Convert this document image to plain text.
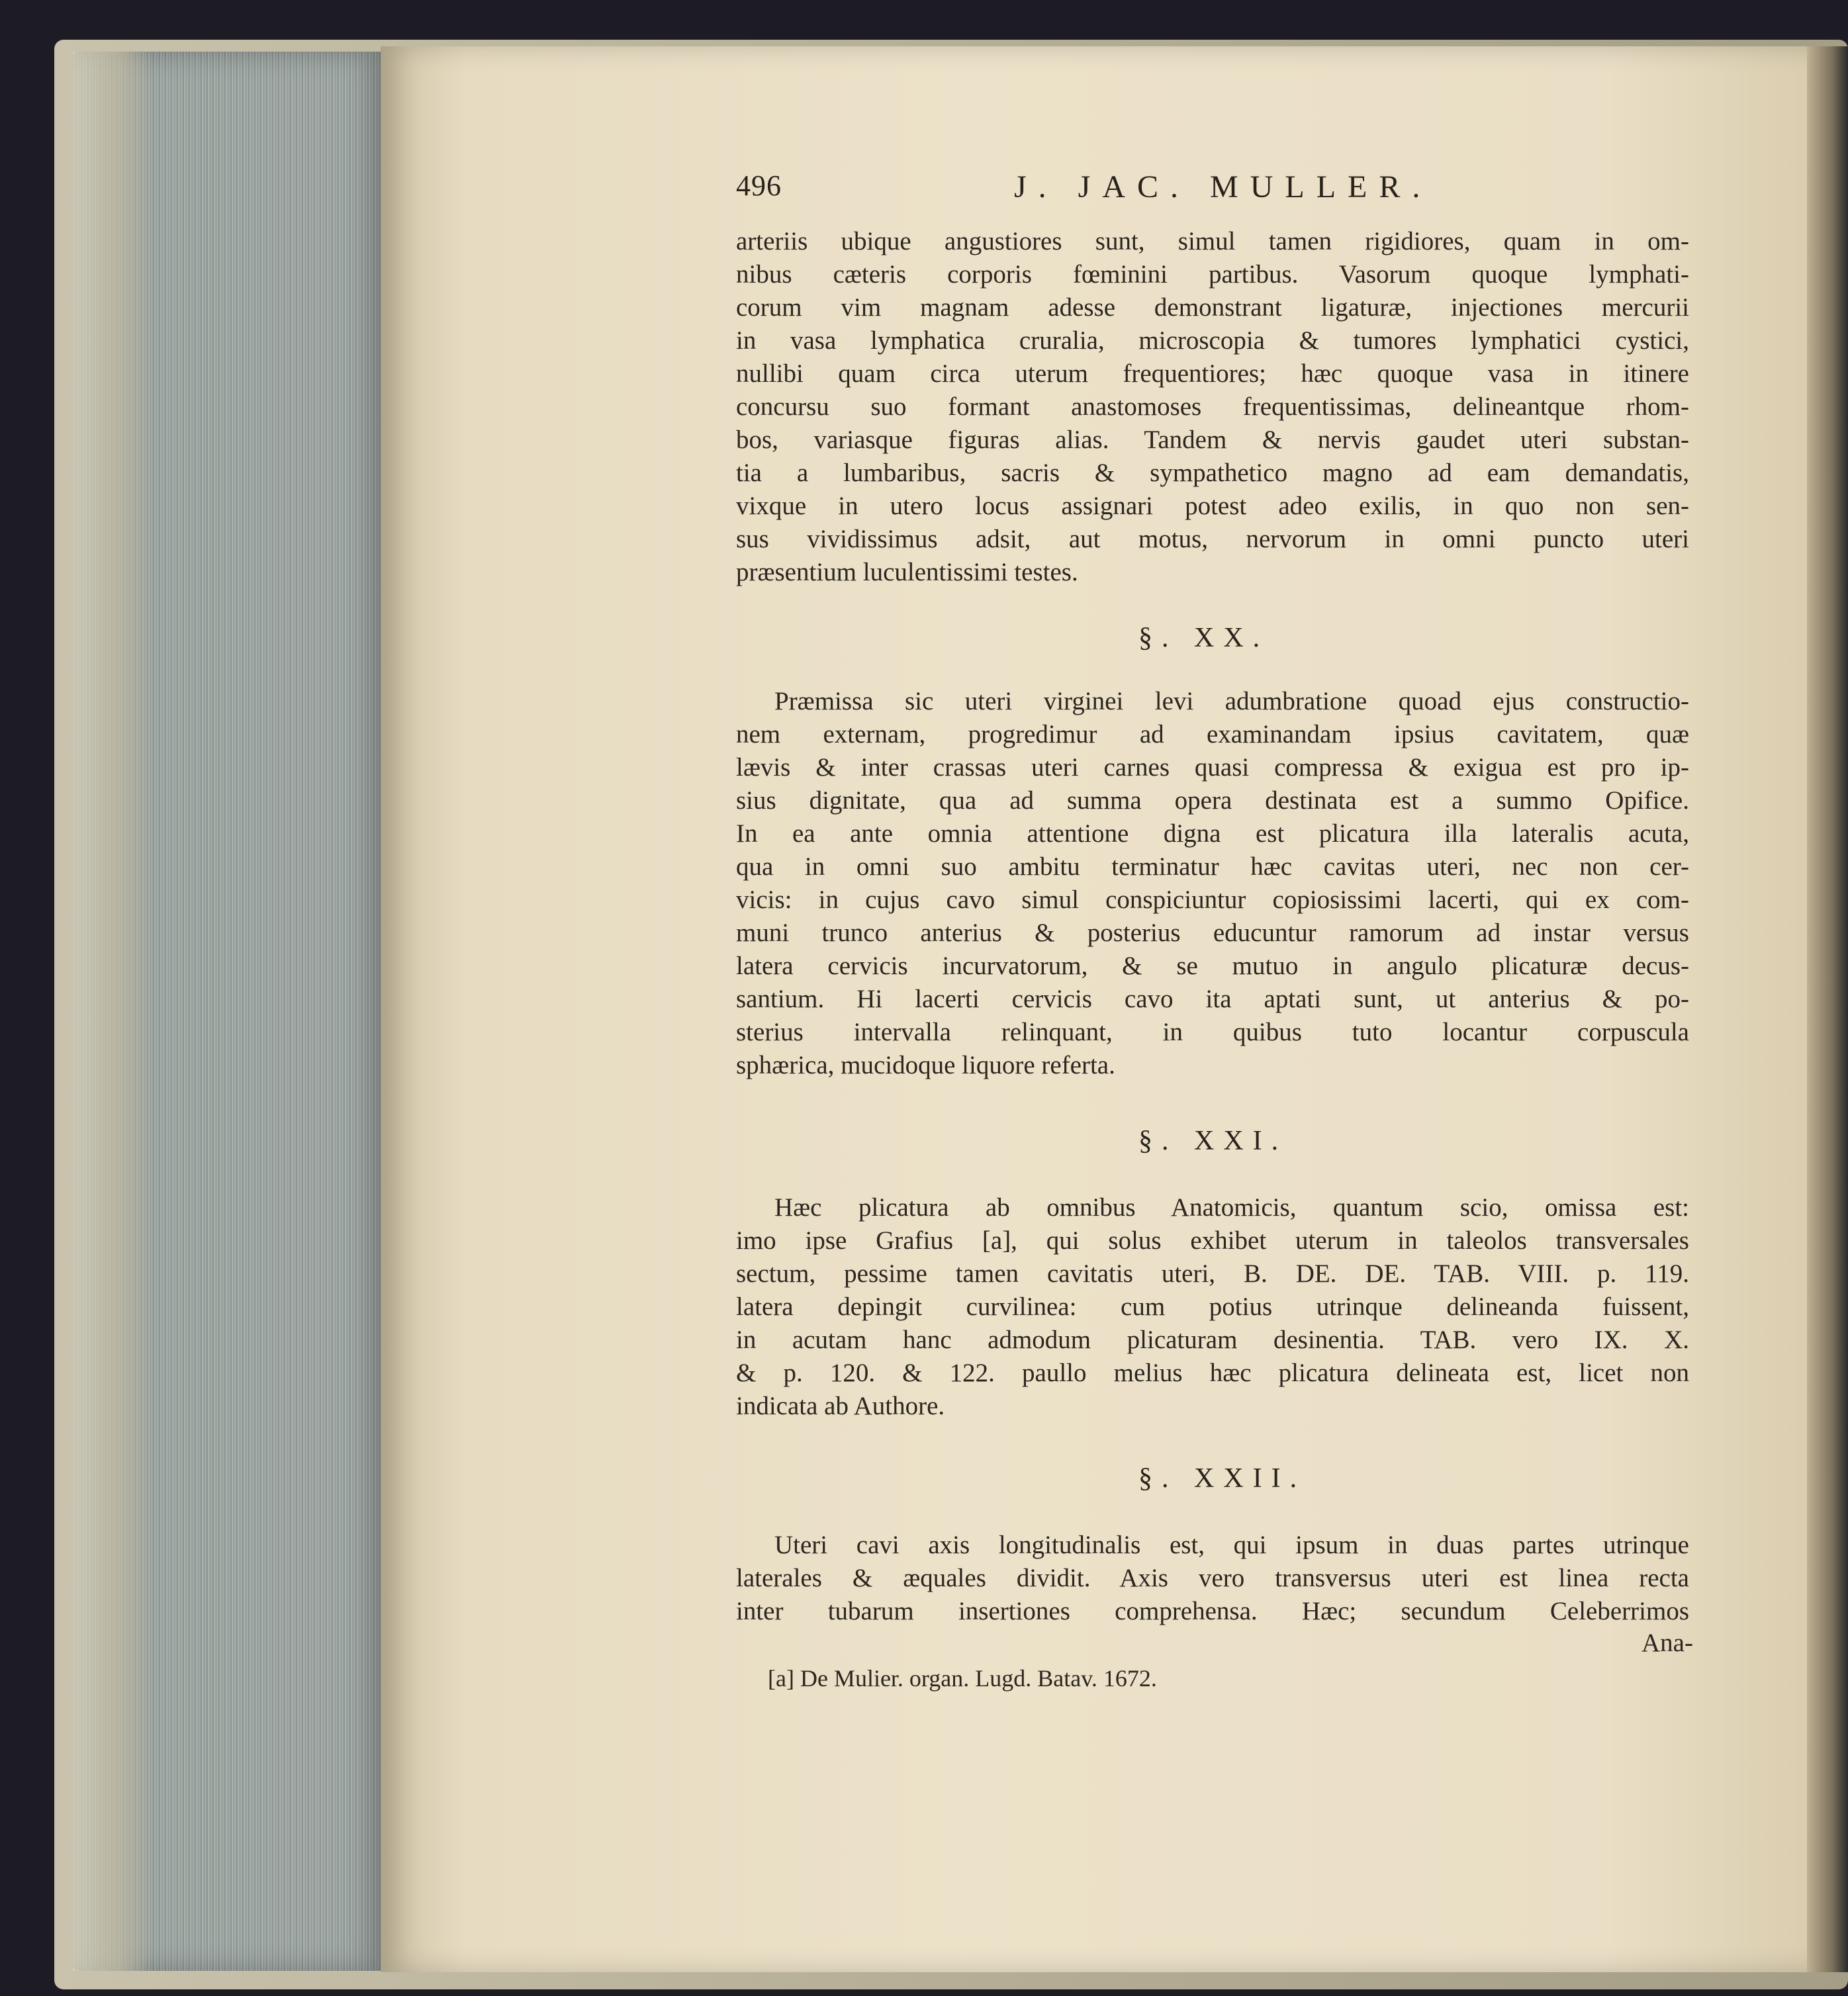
496	J. JAC. MULLER.
arteriis ubique angustiores sunt, simul tamen rigidiores, quam in om-
nibus cæteris corporis fœminini partibus. Vasorum quoque lymphati-
corum vim magnam adesse demonstrant ligaturæ, injectiones mercurii
in vasa lymphatica cruralia, microscopia & tumores lymphatici cystici,
nullibi quam circa uterum frequentiores; hæc quoque vasa in itinere
concursu suo formant anastomoses frequentissimas, delineantque rhom-
bos, variasque figuras alias. Tandem & nervis gaudet uteri substan-
tia a lumbaribus, sacris & sympathetico magno ad eam demandatis,
vixque in utero locus assignari potest adeo exilis, in quo non sen-
sus vividissimus adsit, aut motus, nervorum in omni puncto uteri
præsentium luculentissimi testes.
§. XX.
Præmissa sic uteri virginei levi adumbratione quoad ejus constructio-
nem externam, progredimur ad examinandam ipsius cavitatem, quæ
lævis & inter crassas uteri carnes quasi compressa & exigua est pro ip-
sius dignitate, qua ad summa opera destinata est a summo Opifice.
In ea ante omnia attentione digna est plicatura illa lateralis acuta,
qua in omni suo ambitu terminatur hæc cavitas uteri, nec non cer-
vicis: in cujus cavo simul conspiciuntur copiosissimi lacerti, qui ex com-
muni trunco anterius & posterius educuntur ramorum ad instar versus
latera cervicis incurvatorum, & se mutuo in angulo plicaturæ decus-
santium. Hi lacerti cervicis cavo ita aptati sunt, ut anterius & po-
sterius intervalla relinquant, in quibus tuto locantur corpuscula
sphærica, mucidoque liquore referta.
§. XXI.
Hæc plicatura ab omnibus Anatomicis, quantum scio, omissa est:
imo ipse Grafius [a], qui solus exhibet uterum in taleolos transversales
sectum, pessime tamen cavitatis uteri, B. DE. DE. TAB. VIII. p. 119.
latera depingit curvilinea: cum potius utrinque delineanda fuissent,
in acutam hanc admodum plicaturam desinentia. TAB. vero IX. X.
& p. 120. & 122. paullo melius hæc plicatura delineata est, licet non
indicata ab Authore.
§. XXII.
Uteri cavi axis longitudinalis est, qui ipsum in duas partes utrinque
laterales & æquales dividit. Axis vero transversus uteri est linea recta
inter tubarum insertiones comprehensa. Hæc; secundum Celeberrimos
Ana-
[a] De Mulier. organ. Lugd. Batav. 1672.
